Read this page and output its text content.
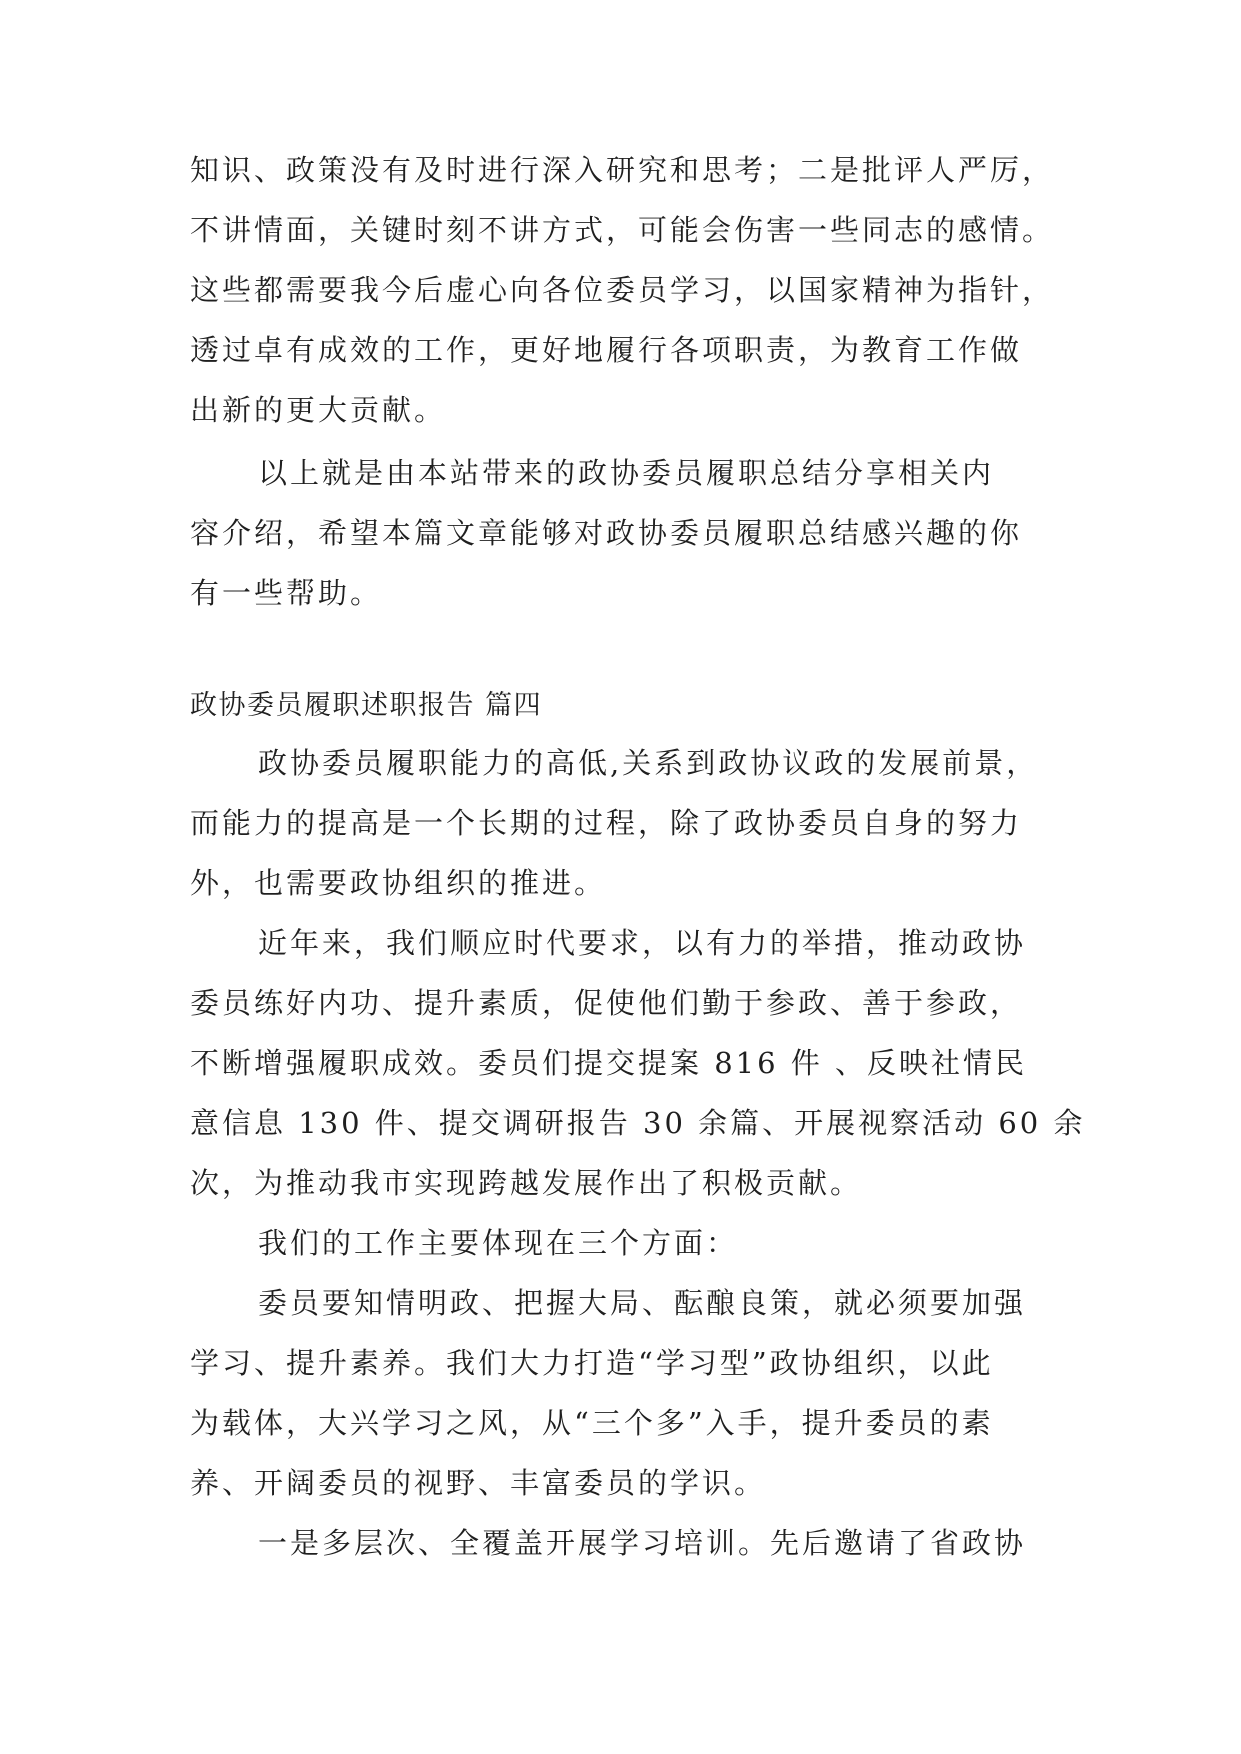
知识、政策没有及时进行深入研究和思考；二是批评人严厉，
不讲情面，关键时刻不讲方式，可能会伤害一些同志的感情。
这些都需要我今后虚心向各位委员学习，以国家精神为指针，
透过卓有成效的工作，更好地履行各项职责，为教育工作做
出新的更大贡献。
以上就是由本站带来的政协委员履职总结分享相关内
容介绍，希望本篇文章能够对政协委员履职总结感兴趣的你
有一些帮助。
政协委员履职述职报告 篇四
政协委员履职能力的高低,关系到政协议政的发展前景，
而能力的提高是一个长期的过程，除了政协委员自身的努力
外，也需要政协组织的推进。
近年来，我们顺应时代要求，以有力的举措，推动政协
委员练好内功、提升素质，促使他们勤于参政、善于参政，
不断增强履职成效。委员们提交提案 816 件 、反映社情民
意信息 130 件、提交调研报告 30 余篇、开展视察活动 60 余
次，为推动我市实现跨越发展作出了积极贡献。
我们的工作主要体现在三个方面：
委员要知情明政、把握大局、酝酿良策，就必须要加强
学习、提升素养。我们大力打造“学习型”政协组织，以此
为载体，大兴学习之风，从“三个多”入手，提升委员的素
养、开阔委员的视野、丰富委员的学识。
一是多层次、全覆盖开展学习培训。先后邀请了省政协
